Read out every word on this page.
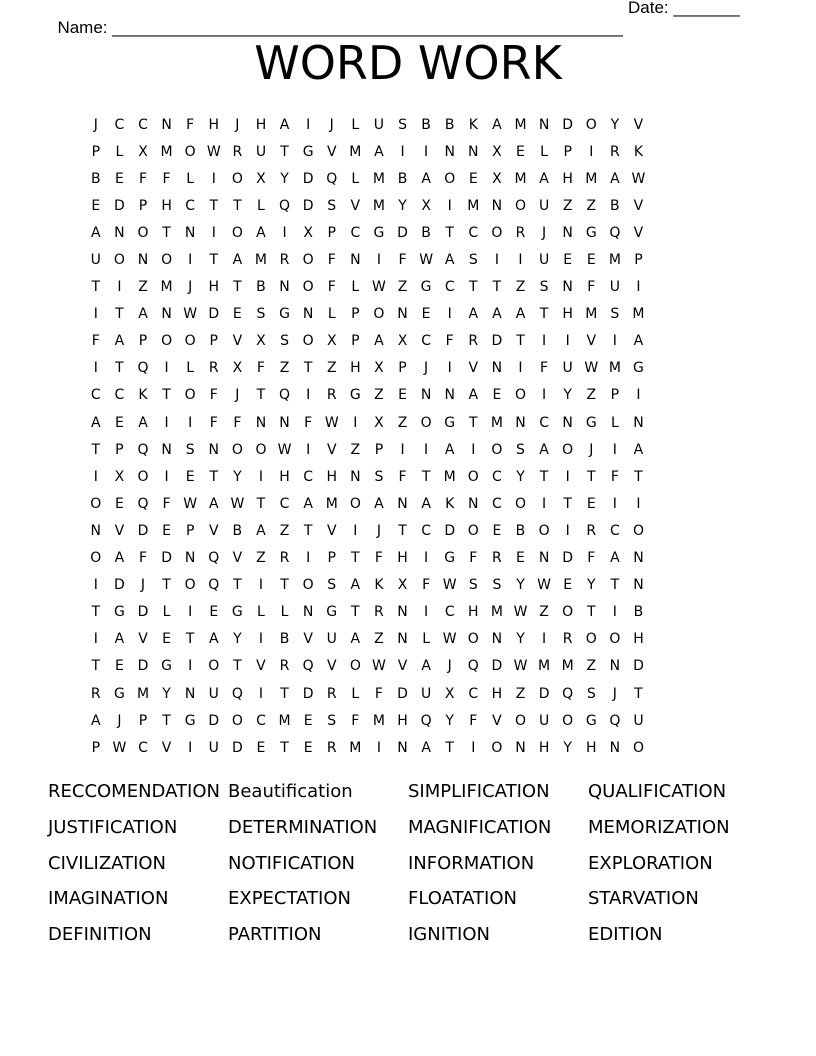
Name: ______________________________________________________

Date: _______

WORD WORK
J	C C N	F	H	J	H A	I	J	L	U	S	B B	K	A M N D O Y	V
P	L	X M O W R U	T G V M A	I	I	N N X	E	L	P	I	R	K
B	E	F	F	L	I	O X	Y D Q	L M B	A O E	X M A H M A W
E D P	H C	T	T	L	Q D S	V M Y	X	I	M N O U Z	Z B	V
A N O T	N	I	O A	I	X	P	C G D B	T	C O R	J	N G Q V
U O N O	I	T	A M R O	F	N	I	F W A	S	I	I	U	E	E M P
T	I	Z M	J	H	T	B N O	F	L W Z G C	T	T	Z	S N	F	U	I
I	T	A N W D E	S G N	L	P O N E	I	A	A	A	T	H M S M
F	A	P O O P	V	X	S O X	P	A	X C	F	R D T	I	I	V	I	A
I	T Q	I	L	R X	F	Z	T	Z H X	P	J	I	V N	I	F	U W M G
C C	K	T O	F	J	T Q	I	R G Z	E N N A	E O	I	Y	Z	P	I
A	E	A	I	I	F	F	N N	F W	I	X	Z O G T M N C N G	L	N
T	P Q N S N O O W	I	V	Z	P	I	I	A	I	O S	A O	J	I	A
I	X O	I	E	T	Y	I	H C H N S	F	T M O C	Y	T	I	T	F	T
O E Q	F W A W T	C A M O A N A	K N C O	I	T	E	I	I
N V D E	P	V	B	A	Z	T	V	I	J	T	C D O E	B O	I	R C O
O A	F	D N Q V	Z R	I	P	T	F	H	I	G	F	R	E N D	F	A N
I	D	J	T O Q T	I	T O S	A	K	X	F W S	S	Y W E	Y	T	N
T G D	L	I	E G	L	L	N G T	R N	I	C H M W Z O T	I	B
I	A	V	E	T	A	Y	I	B	V U A	Z N	L W O N	Y	I	R O O H
T	E D G	I	O T	V R Q V O W V	A	J	Q D W M M Z N D
R G M Y	N U Q	I	T D R	L	F	D U X C H Z D Q S	J	T
A	J	P	T G D O C M E	S	F M H Q Y	F	V O U O G Q U
P W C V	I	U D E	T	E	R M	I	N A	T	I	O N H	Y	H N O
RECCOMENDATION Beautification	SIMPLIFICATION	QUALIFICATION
JUSTIFICATION	DETERMINATION	MAGNIFICATION	MEMORIZATION
CIVILIZATION	NOTIFICATION	INFORMATION	EXPLORATION
IMAGINATION	EXPECTATION	FLOATATION	STARVATION
DEFINITION	PARTITION	IGNITION	EDITION
